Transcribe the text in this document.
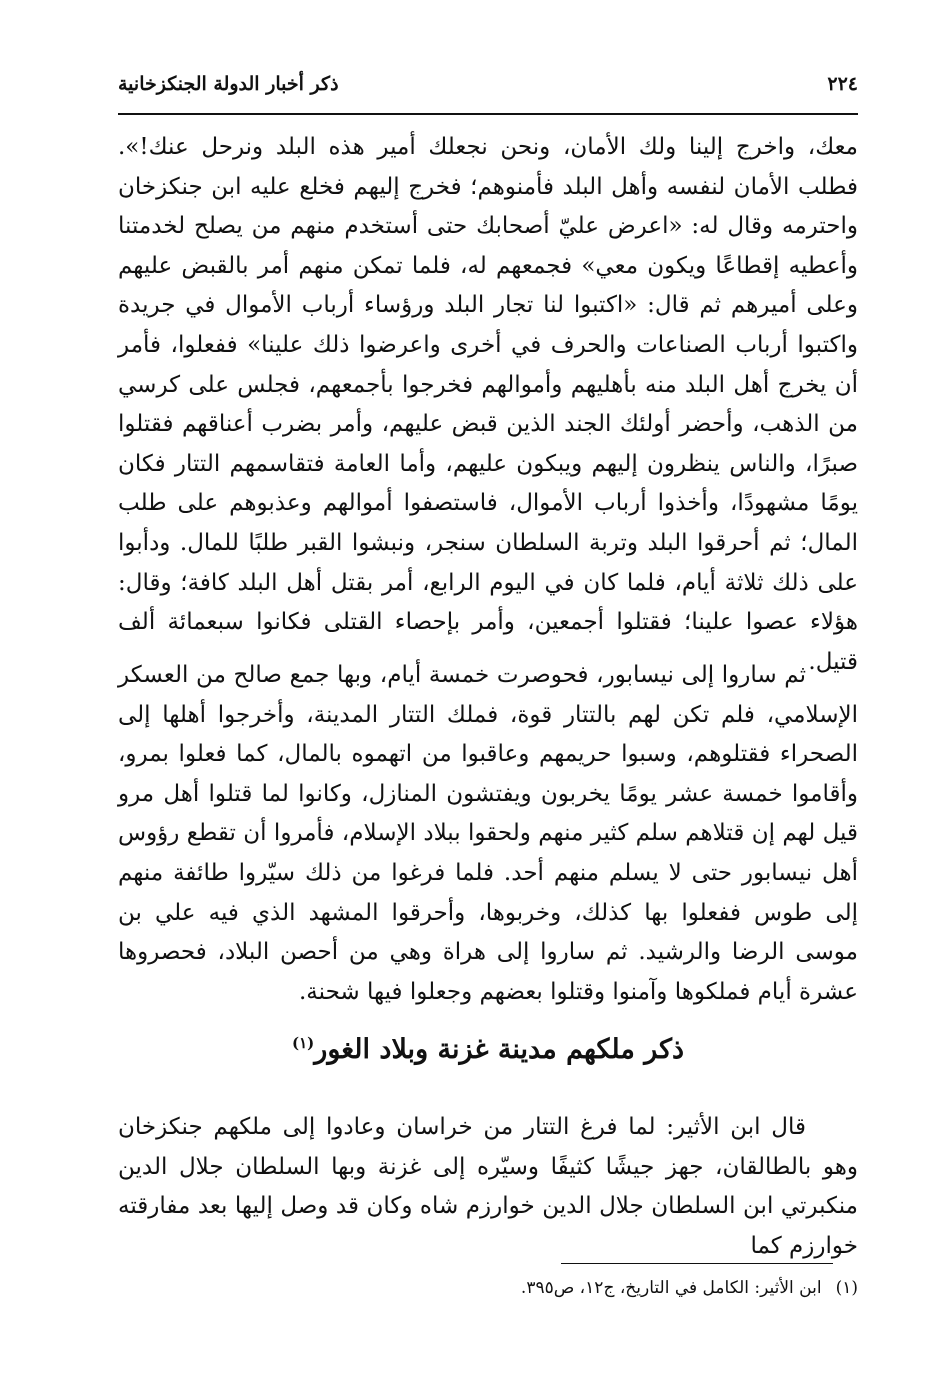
٢٢٤
ذكر أخبار الدولة الجنكزخانية

معك، واخرج إلينا ولك الأمان، ونحن نجعلك أمير هذه البلد ونرحل عنك!». فطلب الأمان لنفسه وأهل البلد فأمنوهم؛ فخرج إليهم فخلع عليه ابن جنكزخان واحترمه وقال له: «اعرض عليّ أصحابك حتى أستخدم منهم من يصلح لخدمتنا وأعطيه إقطاعًا ويكون معي» فجمعهم له، فلما تمكن منهم أمر بالقبض عليهم وعلى أميرهم ثم قال: «اكتبوا لنا تجار البلد ورؤساء أرباب الأموال في جريدة واكتبوا أرباب الصناعات والحرف في أخرى واعرضوا ذلك علينا» ففعلوا، فأمر أن يخرج أهل البلد منه بأهليهم وأموالهم فخرجوا بأجمعهم، فجلس على كرسي من الذهب، وأحضر أولئك الجند الذين قبض عليهم، وأمر بضرب أعناقهم فقتلوا صبرًا، والناس ينظرون إليهم ويبكون عليهم، وأما العامة فتقاسمهم التتار فكان يومًا مشهودًا، وأخذوا أرباب الأموال، فاستصفوا أموالهم وعذبوهم على طلب المال؛ ثم أحرقوا البلد وتربة السلطان سنجر، ونبشوا القبر طلبًا للمال. ودأبوا على ذلك ثلاثة أيام، فلما كان في اليوم الرابع، أمر بقتل أهل البلد كافة؛ وقال: هؤلاء عصوا علينا؛ فقتلوا أجمعين، وأمر بإحصاء القتلى فكانوا سبعمائة ألف قتيل.

ثم ساروا إلى نيسابور، فحوصرت خمسة أيام، وبها جمع صالح من العسكر الإسلامي، فلم تكن لهم بالتتار قوة، فملك التتار المدينة، وأخرجوا أهلها إلى الصحراء فقتلوهم، وسبوا حريمهم وعاقبوا من اتهموه بالمال، كما فعلوا بمرو، وأقاموا خمسة عشر يومًا يخربون ويفتشون المنازل، وكانوا لما قتلوا أهل مرو قيل لهم إن قتلاهم سلم كثير منهم ولحقوا ببلاد الإسلام، فأمروا أن تقطع رؤوس أهل نيسابور حتى لا يسلم منهم أحد. فلما فرغوا من ذلك سيّروا طائفة منهم إلى طوس ففعلوا بها كذلك، وخربوها، وأحرقوا المشهد الذي فيه علي بن موسى الرضا والرشيد. ثم ساروا إلى هراة وهي من أحصن البلاد، فحصروها عشرة أيام فملكوها وآمنوا وقتلوا بعضهم وجعلوا فيها شحنة.

ذكر ملكهم مدينة غزنة وبلاد الغور$^{(١)}$

قال ابن الأثير: لما فرغ التتار من خراسان وعادوا إلى ملكهم جنكزخان وهو بالطالقان، جهز جيشًا كثيفًا وسيّره إلى غزنة وبها السلطان جلال الدين منكبرتي ابن السلطان جلال الدين خوارزم شاه وكان قد وصل إليها بعد مفارقته خوارزم كما

(١)ابن الأثير: الكامل في التاريخ، ج١٢، ص٣٩٥.
